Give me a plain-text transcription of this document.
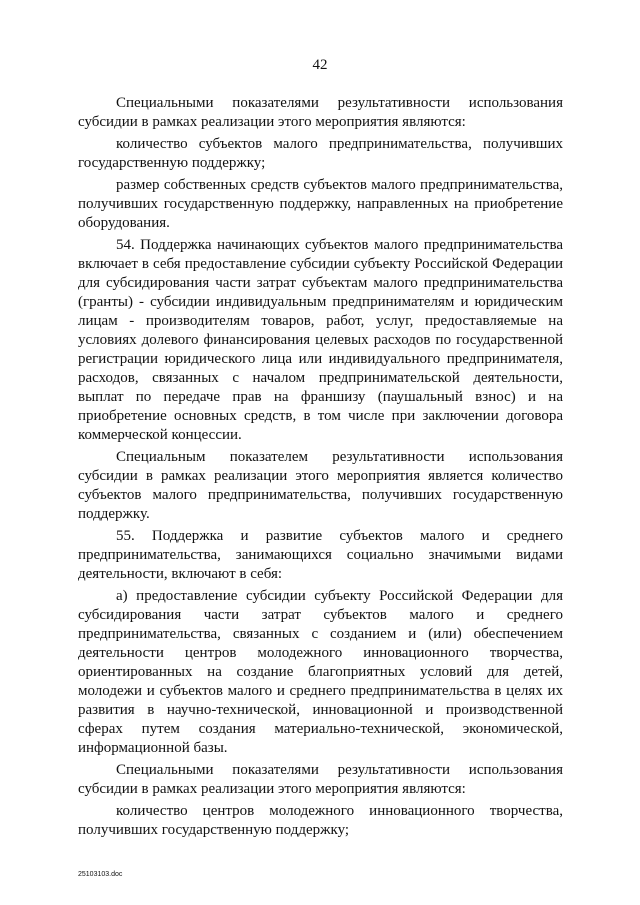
42

Специальными показателями результативности использования субсидии в рамках реализации этого мероприятия являются:

количество субъектов малого предпринимательства, получивших государственную поддержку;

размер собственных средств субъектов малого предпринимательства, получивших государственную поддержку, направленных на приобретение оборудования.

54. Поддержка начинающих субъектов малого предпринимательства включает в себя предоставление субсидии субъекту Российской Федерации для субсидирования части затрат субъектам малого предпринимательства (гранты) - субсидии индивидуальным предпринимателям и юридическим лицам - производителям товаров, работ, услуг, предоставляемые на условиях долевого финансирования целевых расходов по государственной регистрации юридического лица или индивидуального предпринимателя, расходов, связанных с началом предпринимательской деятельности, выплат по передаче прав на франшизу (паушальный взнос) и на приобретение основных средств, в том числе при заключении договора коммерческой концессии.

Специальным показателем результативности использования субсидии в рамках реализации этого мероприятия является количество субъектов малого предпринимательства, получивших государственную поддержку.

55. Поддержка и развитие субъектов малого и среднего предпринимательства, занимающихся социально значимыми видами деятельности, включают в себя:

а) предоставление субсидии субъекту Российской Федерации для субсидирования части затрат субъектов малого и среднего предпринимательства, связанных с созданием и (или) обеспечением деятельности центров молодежного инновационного творчества, ориентированных на создание благоприятных условий для детей, молодежи и субъектов малого и среднего предпринимательства в целях их развития в научно-технической, инновационной и производственной сферах путем создания материально-технической, экономической, информационной базы.

Специальными показателями результативности использования субсидии в рамках реализации этого мероприятия являются:

количество центров молодежного инновационного творчества, получивших государственную поддержку;

25103103.doc
